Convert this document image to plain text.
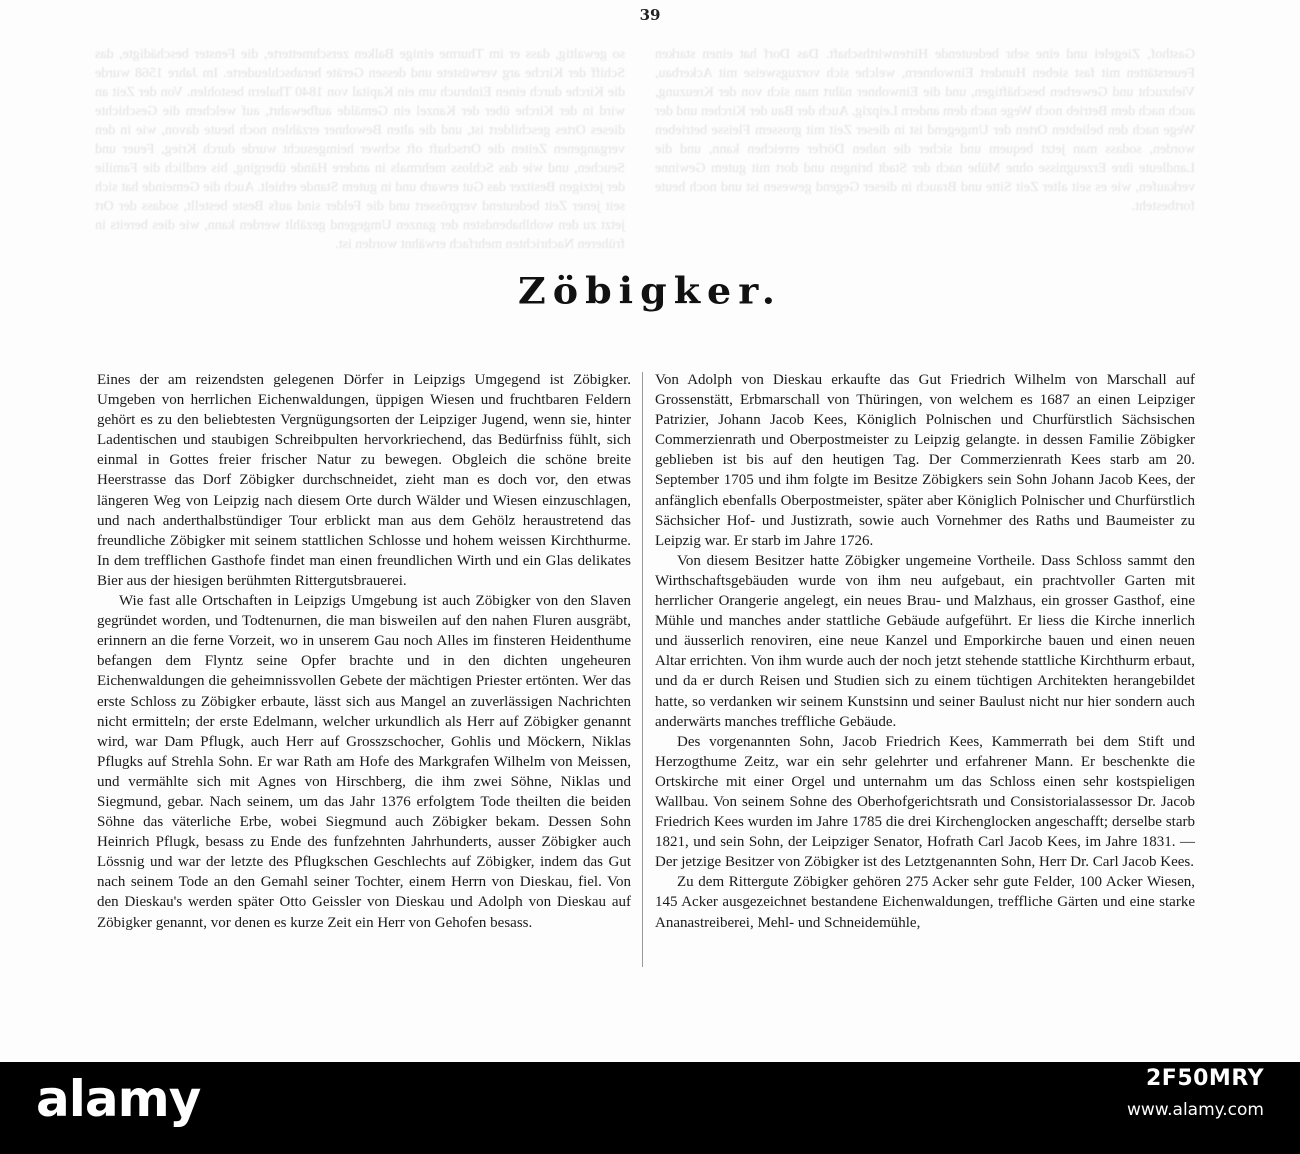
so gewaltig, dass er im Thurme einige Balken zerschmetterte, die Fenster beschädigte, das Schiff der Kirche arg verwüstete und dessen Geräte herabschleuderte. Im Jahre 1568 wurde die Kirche durch einen Einbruch um ein Kapital von 1840 Thalern bestohlen. Von der Zeit an wird in der Kirche über der Kanzel ein Gemälde aufbewahrt, auf welchem die Geschichte dieses Ortes geschildert ist, und die alten Bewohner erzählen noch heute davon, wie in den vergangenen Zeiten die Ortschaft oft schwer heimgesucht wurde durch Krieg, Feuer und Seuchen, und wie das Schloss mehrmals in andere Hände überging, bis endlich die Familie der jetzigen Besitzer das Gut erwarb und in gutem Stande erhielt. Auch die Gemeinde hat sich seit jener Zeit bedeutend vergrössert und die Felder sind aufs Beste bestellt, sodass der Ort jetzt zu den wohlhabendsten der ganzen Umgegend gezählt werden kann, wie dies bereits in früheren Nachrichten mehrfach erwähnt worden ist.
Gasthof, Ziegelei und eine sehr bedeutende Hirtenwirthschaft. Das Dorf hat einen starken Feuerstätten mit fast sieben Hundert Einwohnern, welche sich vorzugsweise mit Ackerbau, Viehzucht und Gewerben beschäftigen, und die Einwohner nährt man sich von der Kreuzung, auch nach dem Betrieb noch Wege nach dem andern Leipzig. Auch der Bau der Kirchen und der Wege nach den beliebten Orten der Umgegend ist in dieser Zeit mit grossem Fleisse betrieben worden, sodass man jetzt bequem und sicher die nahen Dörfer erreichen kann, und die Landleute ihre Erzeugnisse ohne Mühe nach der Stadt bringen und dort mit gutem Gewinne verkaufen, wie es seit alter Zeit Sitte und Brauch in dieser Gegend gewesen ist und noch heute fortbesteht.
39
Zöbigker.

Eines der am reizendsten gelegenen Dörfer in Leipzigs Umgegend ist Zöbigker. Umgeben von herrlichen Eichenwaldungen, üppigen Wiesen und fruchtbaren Feldern gehört es zu den beliebtesten Vergnügungsorten der Leipziger Jugend, wenn sie, hinter Ladentischen und staubigen Schreibpulten hervorkriechend, das Bedürfniss fühlt, sich einmal in Gottes freier frischer Natur zu bewegen. Obgleich die schöne breite Heerstrasse das Dorf Zöbigker durchschneidet, zieht man es doch vor, den etwas längeren Weg von Leipzig nach diesem Orte durch Wälder und Wiesen einzuschlagen, und nach anderthalbstündiger Tour erblickt man aus dem Gehölz heraustretend das freundliche Zöbigker mit seinem stattlichen Schlosse und hohem weissen Kirchthurme. In dem trefflichen Gasthofe findet man einen freundlichen Wirth und ein Glas delikates Bier aus der hiesigen berühmten Rittergutsbrauerei.

Wie fast alle Ortschaften in Leipzigs Umgebung ist auch Zöbigker von den Slaven gegründet worden, und Todtenurnen, die man bisweilen auf den nahen Fluren ausgräbt, erinnern an die ferne Vorzeit, wo in unserem Gau noch Alles im finsteren Heidenthume befangen dem Flyntz seine Opfer brachte und in den dichten ungeheuren Eichenwaldungen die geheimnissvollen Gebete der mächtigen Priester ertönten. Wer das erste Schloss zu Zöbigker erbaute, lässt sich aus Mangel an zuverlässigen Nachrichten nicht ermitteln; der erste Edelmann, welcher urkundlich als Herr auf Zöbigker genannt wird, war Dam Pflugk, auch Herr auf Grosszschocher, Gohlis und Möckern, Niklas Pflugks auf Strehla Sohn. Er war Rath am Hofe des Markgrafen Wilhelm von Meissen, und vermählte sich mit Agnes von Hirschberg, die ihm zwei Söhne, Niklas und Siegmund, gebar. Nach seinem, um das Jahr 1376 erfolgtem Tode theilten die beiden Söhne das väterliche Erbe, wobei Siegmund auch Zöbigker bekam. Dessen Sohn Heinrich Pflugk, besass zu Ende des funfzehnten Jahrhunderts, ausser Zöbigker auch Lössnig und war der letzte des Pflugkschen Geschlechts auf Zöbigker, indem das Gut nach seinem Tode an den Gemahl seiner Tochter, einem Herrn von Dieskau, fiel. Von den Dieskau's werden später Otto Geissler von Dieskau und Adolph von Dieskau auf Zöbigker genannt, vor denen es kurze Zeit ein Herr von Gehofen besass.

Von Adolph von Dieskau erkaufte das Gut Friedrich Wilhelm von Marschall auf Grossenstätt, Erbmarschall von Thüringen, von welchem es 1687 an einen Leipziger Patrizier, Johann Jacob Kees, Königlich Polnischen und Churfürstlich Sächsischen Commerzienrath und Oberpostmeister zu Leipzig gelangte. in dessen Familie Zöbigker geblieben ist bis auf den heutigen Tag. Der Commerzienrath Kees starb am 20. September 1705 und ihm folgte im Besitze Zöbigkers sein Sohn Johann Jacob Kees, der anfänglich ebenfalls Oberpostmeister, später aber Königlich Polnischer und Churfürstlich Sächsicher Hof- und Justizrath, sowie auch Vornehmer des Raths und Baumeister zu Leipzig war. Er starb im Jahre 1726.

Von diesem Besitzer hatte Zöbigker ungemeine Vortheile. Dass Schloss sammt den Wirthschaftsgebäuden wurde von ihm neu aufgebaut, ein prachtvoller Garten mit herrlicher Orangerie angelegt, ein neues Brau- und Malzhaus, ein grosser Gasthof, eine Mühle und manches ander stattliche Gebäude aufgeführt. Er liess die Kirche innerlich und äusserlich renoviren, eine neue Kanzel und Emporkirche bauen und einen neuen Altar errichten. Von ihm wurde auch der noch jetzt stehende stattliche Kirchthurm erbaut, und da er durch Reisen und Studien sich zu einem tüchtigen Architekten herangebildet hatte, so verdanken wir seinem Kunstsinn und seiner Baulust nicht nur hier sondern auch anderwärts manches treffliche Gebäude.

Des vorgenannten Sohn, Jacob Friedrich Kees, Kammerrath bei dem Stift und Herzogthume Zeitz, war ein sehr gelehrter und erfahrener Mann. Er beschenkte die Ortskirche mit einer Orgel und unternahm um das Schloss einen sehr kostspieligen Wallbau. Von seinem Sohne des Oberhofgerichtsrath und Consistorialassessor Dr. Jacob Friedrich Kees wurden im Jahre 1785 die drei Kirchenglocken angeschafft; derselbe starb 1821, und sein Sohn, der Leipziger Senator, Hofrath Carl Jacob Kees, im Jahre 1831. — Der jetzige Besitzer von Zöbigker ist des Letztgenannten Sohn, Herr Dr. Carl Jacob Kees.

Zu dem Rittergute Zöbigker gehören 275 Acker sehr gute Felder, 100 Acker Wiesen, 145 Acker ausgezeichnet bestandene Eichenwaldungen, treffliche Gärten und eine starke Ananastreiberei, Mehl- und Schneidemühle,

alamy	2F50MRY
www.alamy.com
